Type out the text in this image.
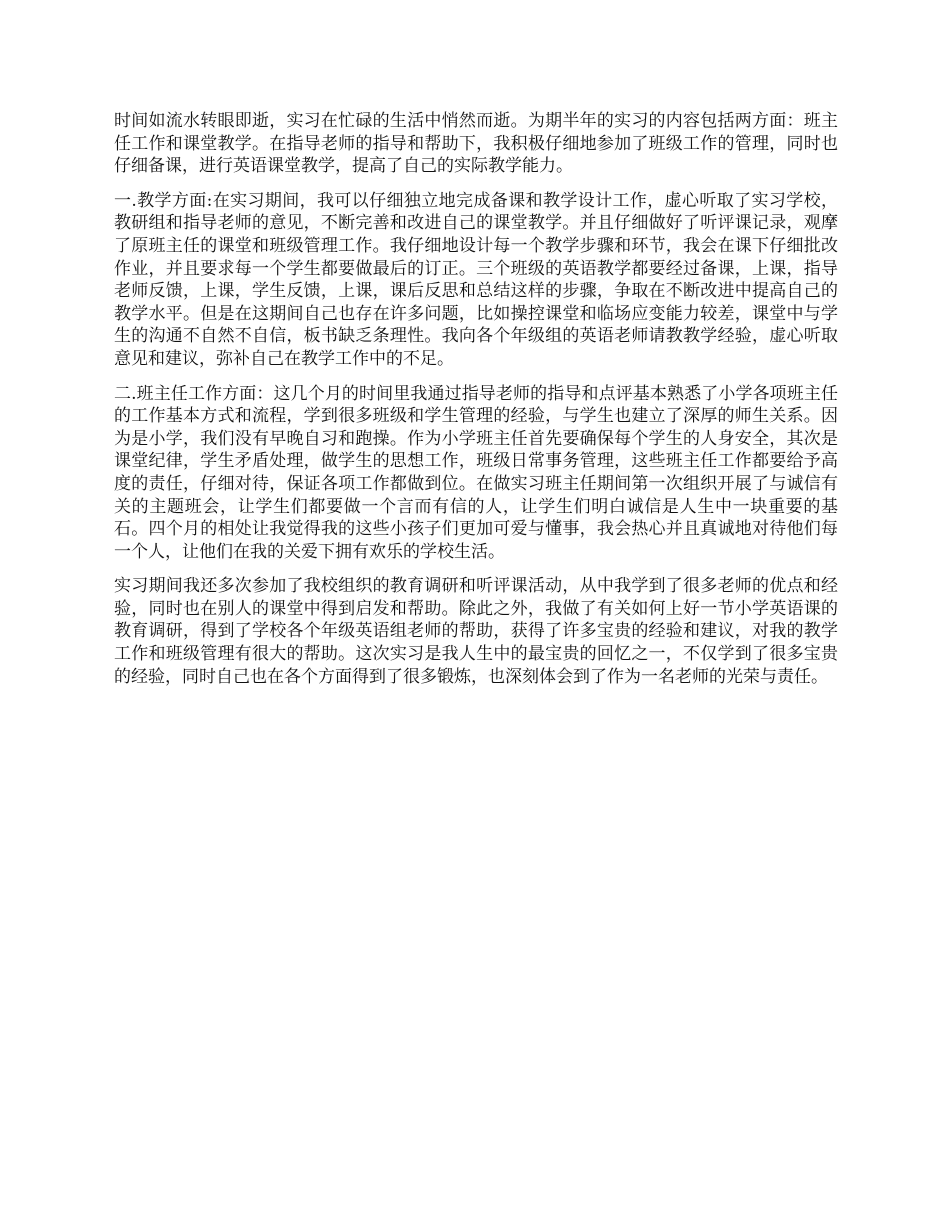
时间如流水转眼即逝，实习在忙碌的生活中悄然而逝。为期半年的实习的内容包括两方面：班主任工作和课堂教学。在指导老师的指导和帮助下，我积极仔细地参加了班级工作的管理，同时也仔细备课，进行英语课堂教学，提高了自己的实际教学能力。

一.教学方面:在实习期间，我可以仔细独立地完成备课和教学设计工作，虚心听取了实习学校，教研组和指导老师的意见，不断完善和改进自己的课堂教学。并且仔细做好了听评课记录，观摩了原班主任的课堂和班级管理工作。我仔细地设计每一个教学步骤和环节，我会在课下仔细批改作业，并且要求每一个学生都要做最后的订正。三个班级的英语教学都要经过备课，上课，指导老师反馈，上课，学生反馈，上课，课后反思和总结这样的步骤，争取在不断改进中提高自己的教学水平。但是在这期间自己也存在许多问题，比如操控课堂和临场应变能力较差，课堂中与学生的沟通不自然不自信，板书缺乏条理性。我向各个年级组的英语老师请教教学经验，虚心听取意见和建议，弥补自己在教学工作中的不足。

二.班主任工作方面：这几个月的时间里我通过指导老师的指导和点评基本熟悉了小学各项班主任的工作基本方式和流程，学到很多班级和学生管理的经验，与学生也建立了深厚的师生关系。因为是小学，我们没有早晚自习和跑操。作为小学班主任首先要确保每个学生的人身安全，其次是课堂纪律，学生矛盾处理，做学生的思想工作，班级日常事务管理，这些班主任工作都要给予高度的责任，仔细对待，保证各项工作都做到位。在做实习班主任期间第一次组织开展了与诚信有关的主题班会，让学生们都要做一个言而有信的人，让学生们明白诚信是人生中一块重要的基石。四个月的相处让我觉得我的这些小孩子们更加可爱与懂事，我会热心并且真诚地对待他们每一个人，让他们在我的关爱下拥有欢乐的学校生活。

实习期间我还多次参加了我校组织的教育调研和听评课活动，从中我学到了很多老师的优点和经验，同时也在别人的课堂中得到启发和帮助。除此之外，我做了有关如何上好一节小学英语课的教育调研，得到了学校各个年级英语组老师的帮助，获得了许多宝贵的经验和建议，对我的教学工作和班级管理有很大的帮助。这次实习是我人生中的最宝贵的回忆之一，不仅学到了很多宝贵的经验，同时自己也在各个方面得到了很多锻炼，也深刻体会到了作为一名老师的光荣与责任。
